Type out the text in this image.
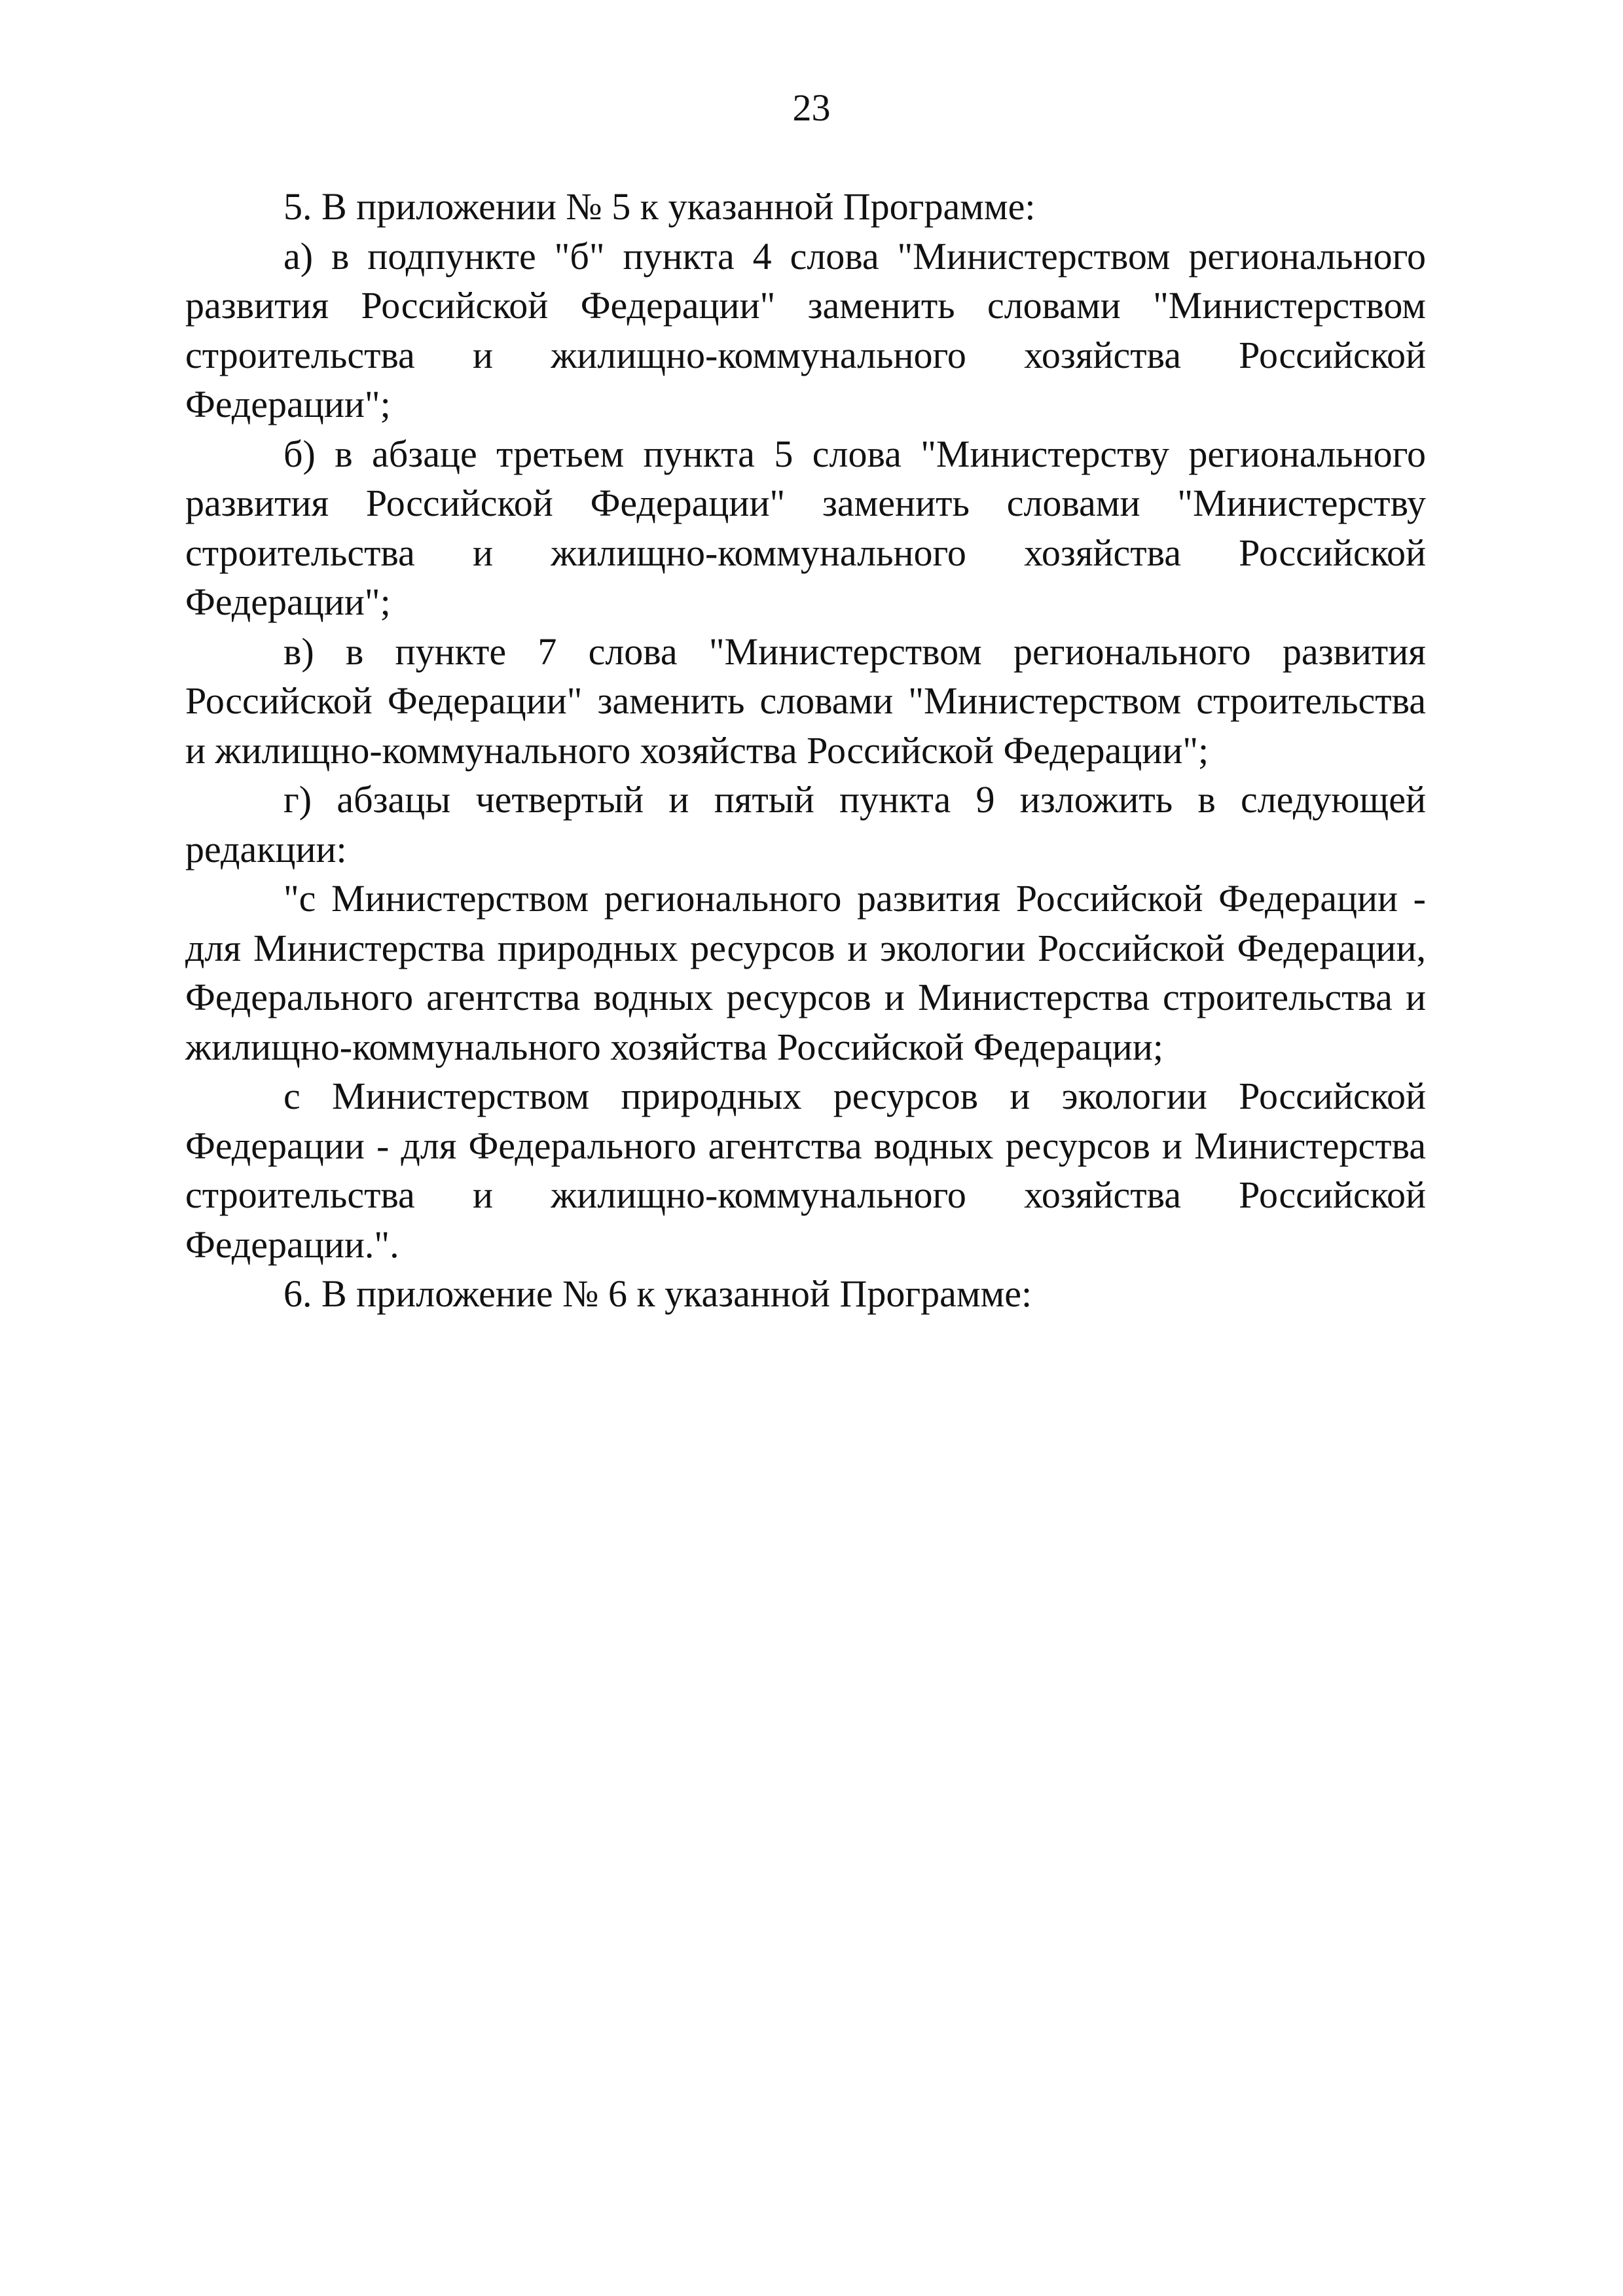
23

5. В приложении № 5 к указанной Программе:

а) в подпункте "б" пункта 4 слова "Министерством регионального развития Российской Федерации" заменить словами "Министерством строительства и жилищно-коммунального хозяйства Российской Федерации";

б) в абзаце третьем пункта 5 слова "Министерству регионального развития Российской Федерации" заменить словами "Министерству строительства и жилищно-коммунального хозяйства Российской Федерации";

в) в пункте 7 слова "Министерством регионального развития Российской Федерации" заменить словами "Министерством строительства и жилищно-коммунального хозяйства Российской Федерации";

г) абзацы четвертый и пятый пункта 9 изложить в следующей редакции:

"с Министерством регионального развития Российской Федерации - для Министерства природных ресурсов и экологии Российской Федерации, Федерального агентства водных ресурсов и Министерства строительства и жилищно-коммунального хозяйства Российской Федерации;

с Министерством природных ресурсов и экологии Российской Федерации - для Федерального агентства водных ресурсов и Министерства строительства и жилищно-коммунального хозяйства Российской Федерации.".

6. В приложение № 6 к указанной Программе:
